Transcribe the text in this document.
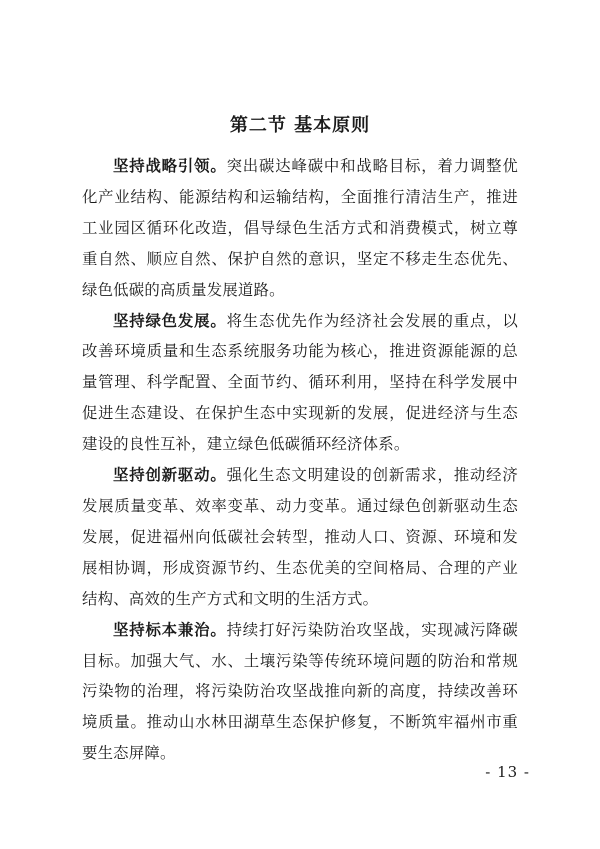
第二节 基本原则

坚持战略引领。突出碳达峰碳中和战略目标，着力调整优化产业结构、能源结构和运输结构，全面推行清洁生产，推进工业园区循环化改造，倡导绿色生活方式和消费模式，树立尊重自然、顺应自然、保护自然的意识，坚定不移走生态优先、绿色低碳的高质量发展道路。

坚持绿色发展。将生态优先作为经济社会发展的重点，以改善环境质量和生态系统服务功能为核心，推进资源能源的总量管理、科学配置、全面节约、循环利用，坚持在科学发展中促进生态建设、在保护生态中实现新的发展，促进经济与生态建设的良性互补，建立绿色低碳循环经济体系。

坚持创新驱动。强化生态文明建设的创新需求，推动经济发展质量变革、效率变革、动力变革。通过绿色创新驱动生态发展，促进福州向低碳社会转型，推动人口、资源、环境和发展相协调，形成资源节约、生态优美的空间格局、合理的产业结构、高效的生产方式和文明的生活方式。

坚持标本兼治。持续打好污染防治攻坚战，实现减污降碳目标。加强大气、水、土壤污染等传统环境问题的防治和常规污染物的治理，将污染防治攻坚战推向新的高度，持续改善环境质量。推动山水林田湖草生态保护修复，不断筑牢福州市重要生态屏障。

- 13 -
